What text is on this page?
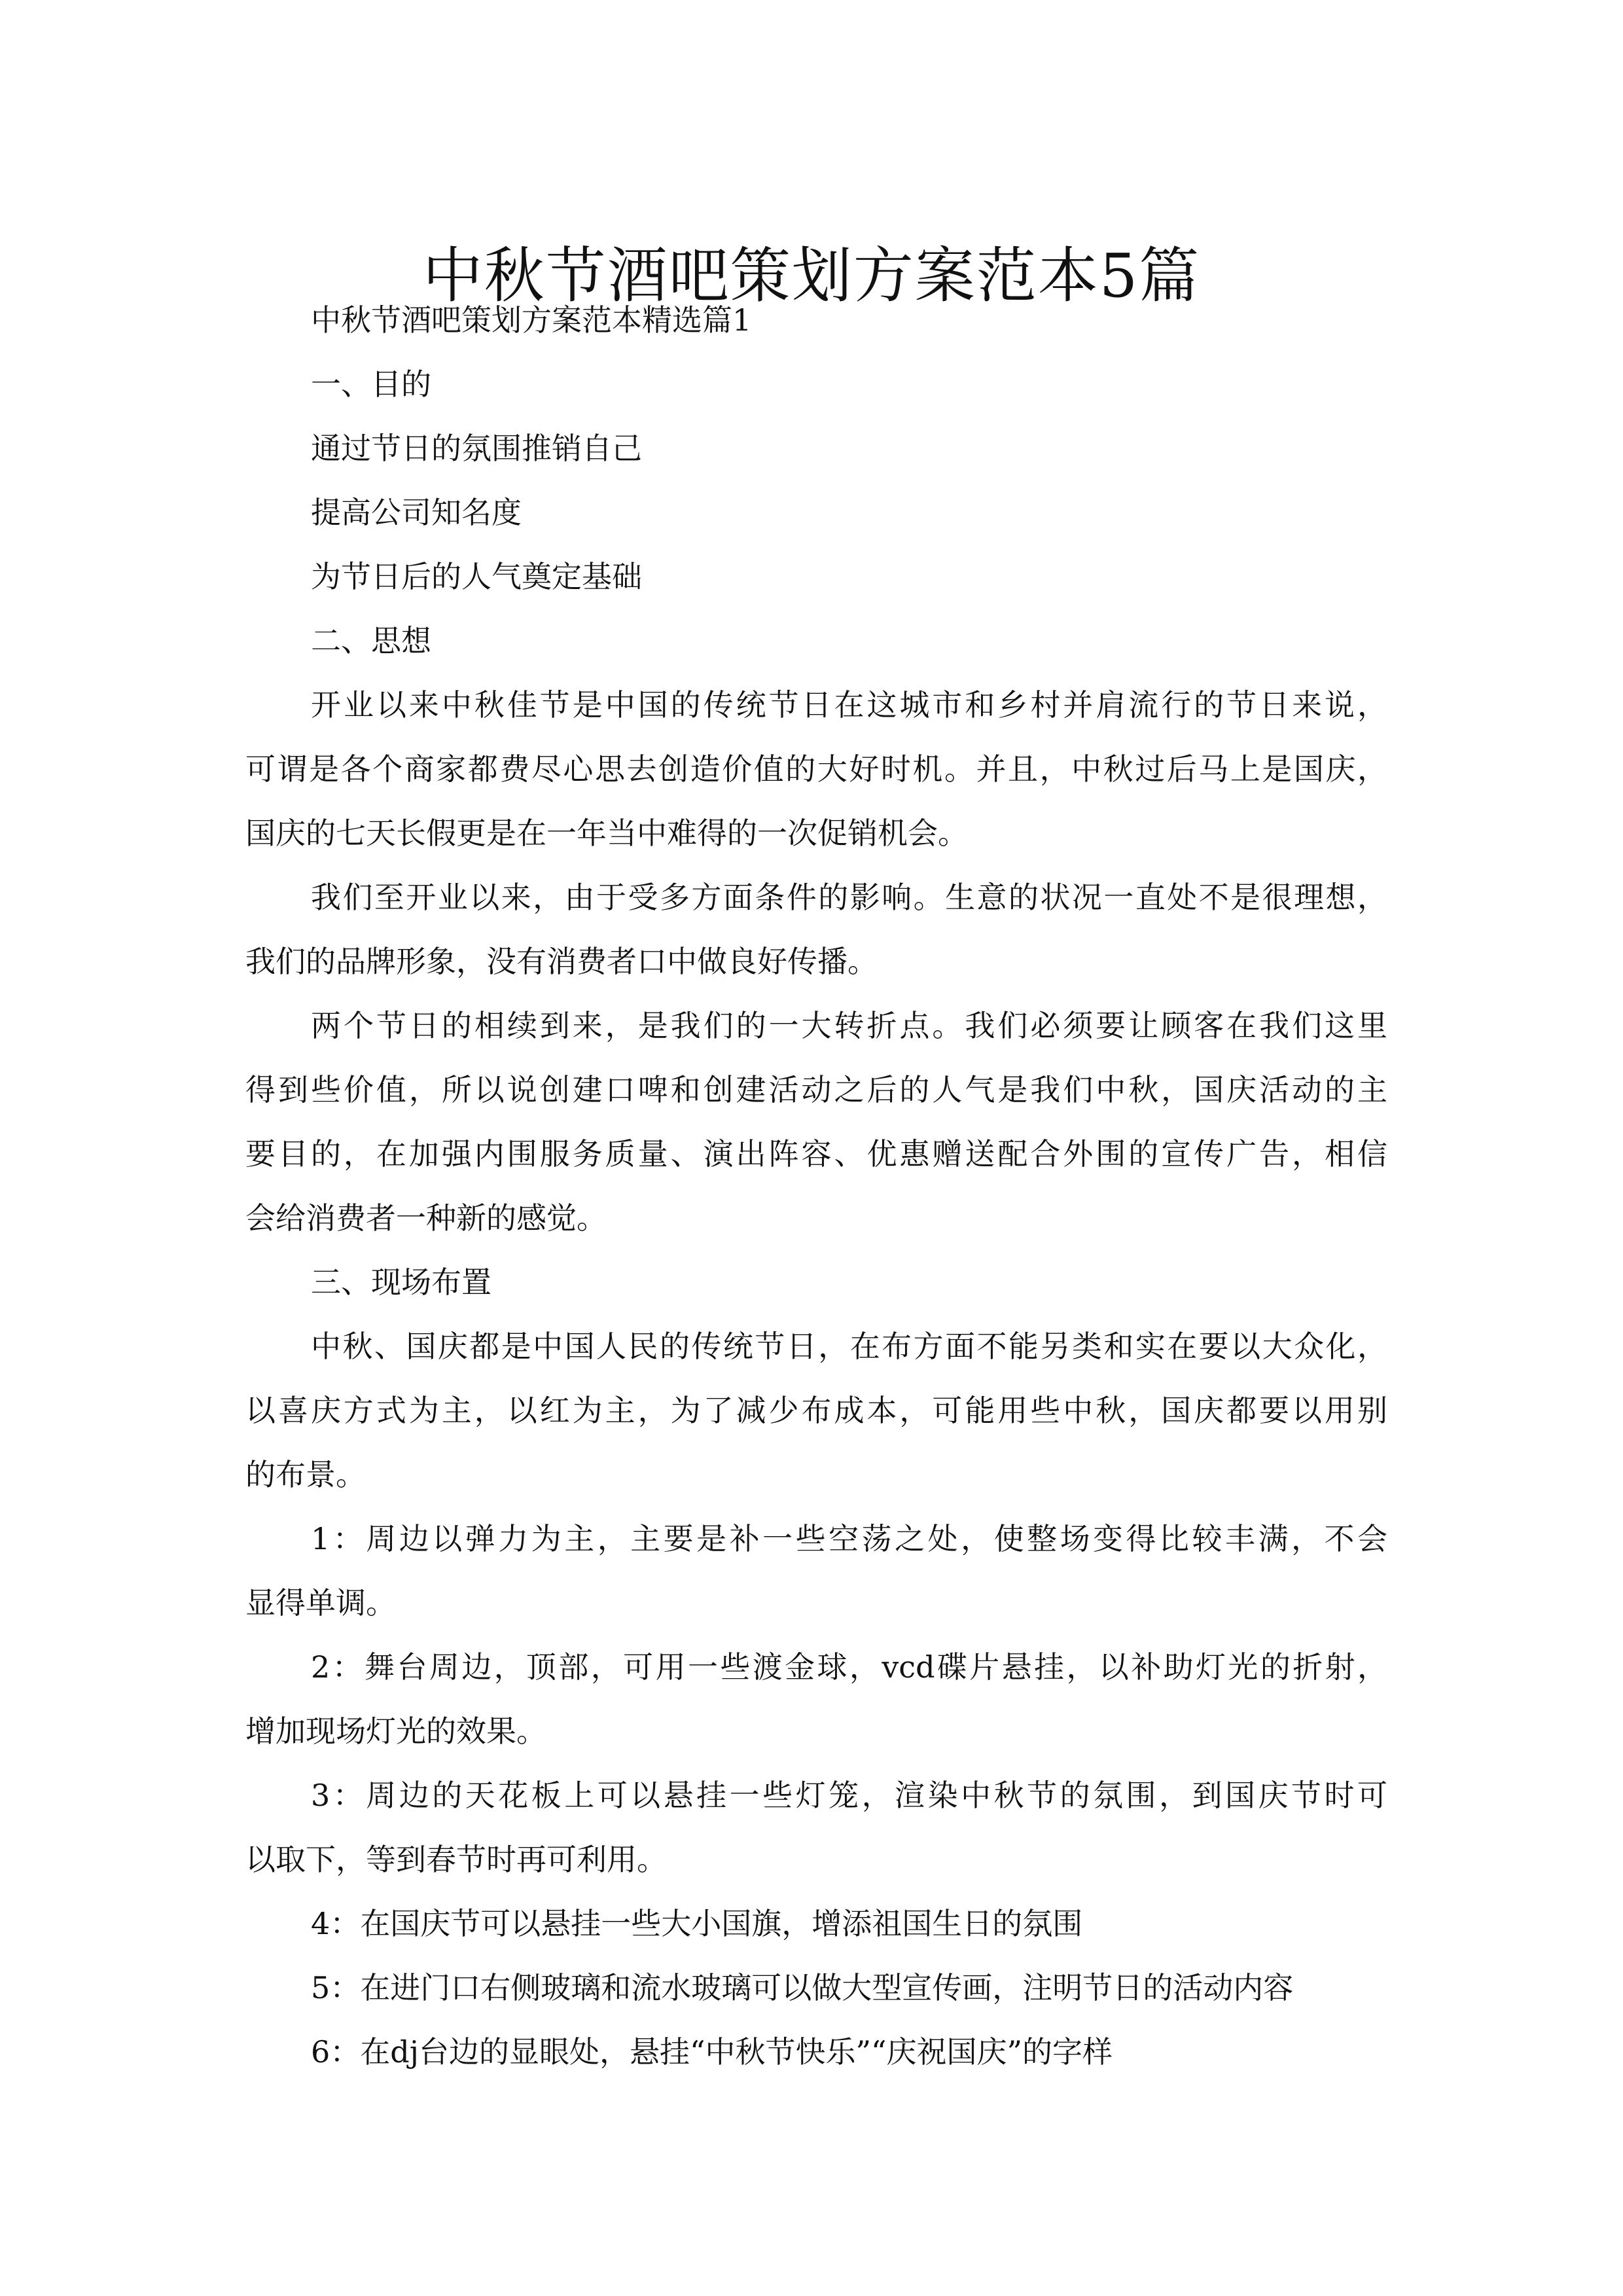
中秋节酒吧策划方案范本5篇

中秋节酒吧策划方案范本精选篇1

一、目的

通过节日的氛围推销自己

提高公司知名度

为节日后的人气奠定基础

二、思想

开业以来中秋佳节是中国的传统节日在这城市和乡村并肩流行的节日来说，
可谓是各个商家都费尽心思去创造价值的大好时机。并且，中秋过后马上是国庆，
国庆的七天长假更是在一年当中难得的一次促销机会。

我们至开业以来，由于受多方面条件的影响。生意的状况一直处不是很理想，
我们的品牌形象，没有消费者口中做良好传播。

两个节日的相续到来，是我们的一大转折点。我们必须要让顾客在我们这里
得到些价值，所以说创建口啤和创建活动之后的人气是我们中秋，国庆活动的主
要目的，在加强内围服务质量、演出阵容、优惠赠送配合外围的宣传广告，相信
会给消费者一种新的感觉。

三、现场布置

中秋、国庆都是中国人民的传统节日，在布方面不能另类和实在要以大众化，
以喜庆方式为主，以红为主，为了减少布成本，可能用些中秋，国庆都要以用别
的布景。

1：周边以弹力为主，主要是补一些空荡之处，使整场变得比较丰满，不会
显得单调。

2：舞台周边，顶部，可用一些渡金球，vcd碟片悬挂，以补助灯光的折射，
增加现场灯光的效果。

3：周边的天花板上可以悬挂一些灯笼，渲染中秋节的氛围，到国庆节时可
以取下，等到春节时再可利用。

4：在国庆节可以悬挂一些大小国旗，增添祖国生日的氛围

5：在进门口右侧玻璃和流水玻璃可以做大型宣传画，注明节日的活动内容

6：在dj台边的显眼处，悬挂“中秋节快乐”“庆祝国庆”的字样
